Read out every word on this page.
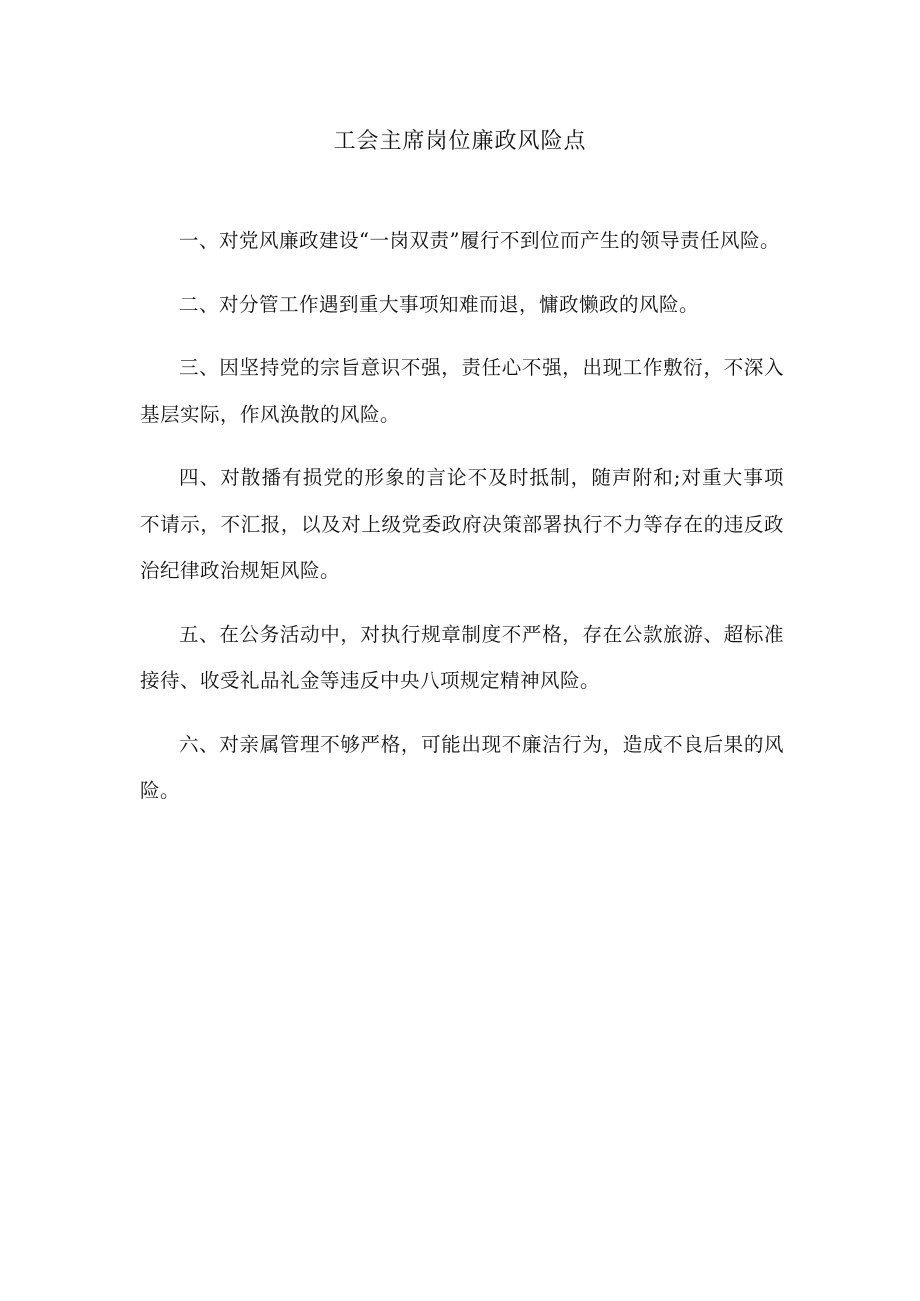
工会主席岗位廉政风险点

一、对党风廉政建设“一岗双责”履行不到位而产生的领导责任风险。

二、对分管工作遇到重大事项知难而退，慵政懒政的风险。

三、因坚持党的宗旨意识不强，责任心不强，出现工作敷衍，不深入基层实际，作风涣散的风险。

四、对散播有损党的形象的言论不及时抵制，随声附和;对重大事项不请示，不汇报，以及对上级党委政府决策部署执行不力等存在的违反政治纪律政治规矩风险。

五、在公务活动中，对执行规章制度不严格，存在公款旅游、超标准接待、收受礼品礼金等违反中央八项规定精神风险。

六、对亲属管理不够严格，可能出现不廉洁行为，造成不良后果的风险。
